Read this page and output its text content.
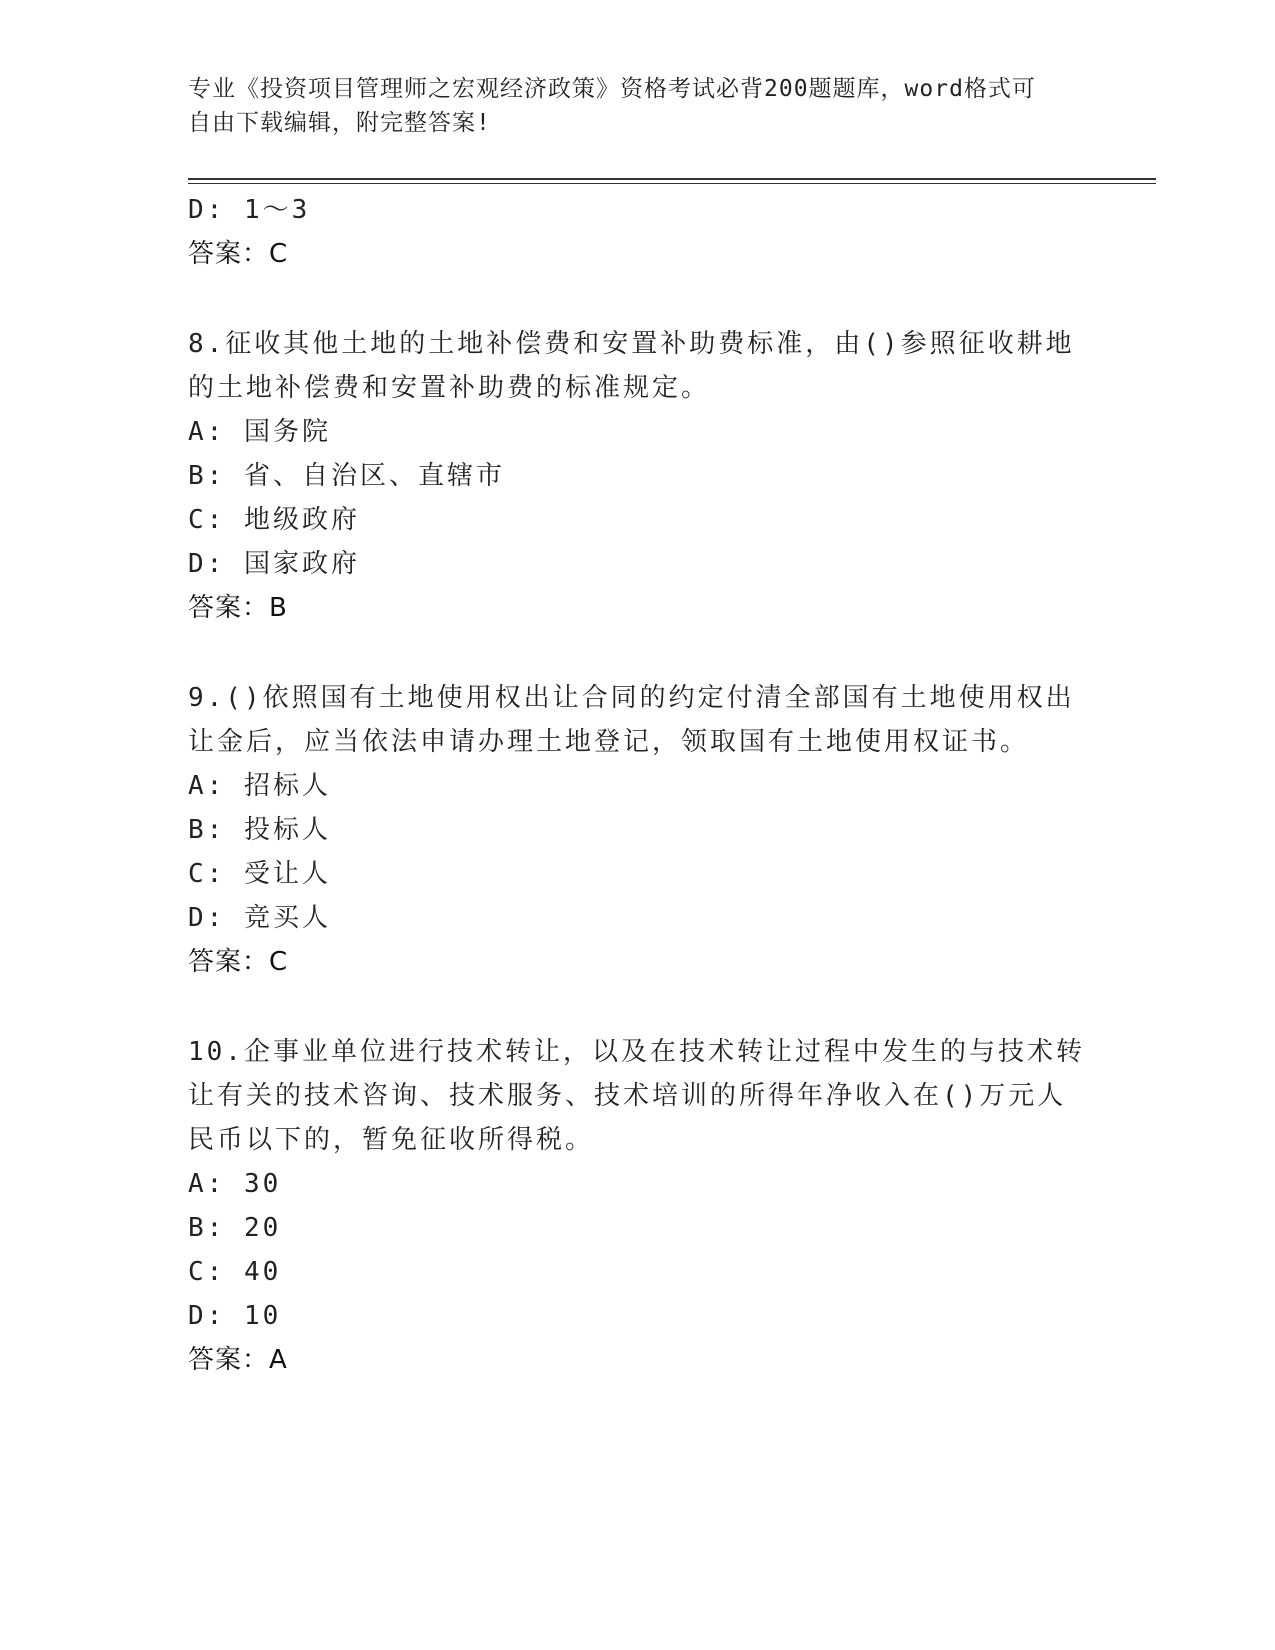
专业《投资项目管理师之宏观经济政策》资格考试必背200题题库，word格式可
自由下载编辑，附完整答案!
D: 1～3
答案：C
8.征收其他土地的土地补偿费和安置补助费标准，由()参照征收耕地
的土地补偿费和安置补助费的标准规定。
A: 国务院
B: 省、自治区、直辖市
C: 地级政府
D: 国家政府
答案：B
9.()依照国有土地使用权出让合同的约定付清全部国有土地使用权出
让金后，应当依法申请办理土地登记，领取国有土地使用权证书。
A: 招标人
B: 投标人
C: 受让人
D: 竞买人
答案：C
10.企事业单位进行技术转让，以及在技术转让过程中发生的与技术转
让有关的技术咨询、技术服务、技术培训的所得年净收入在()万元人
民币以下的，暂免征收所得税。
A: 30
B: 20
C: 40
D: 10
答案：A
